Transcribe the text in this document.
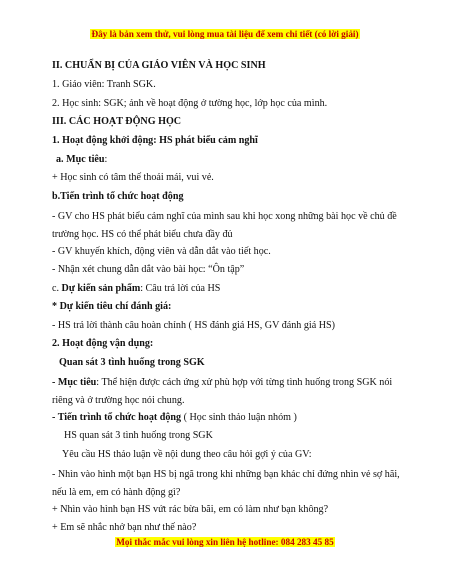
Đây là bản xem thử, vui lòng mua tài liệu để xem chi tiết (có lời giải)
II. CHUẨN BỊ CỦA GIÁO VIÊN VÀ HỌC SINH
1. Giáo viên: Tranh SGK.
2. Học sinh: SGK; ảnh về hoạt động ở tường học, lớp học của mình.
III. CÁC HOẠT ĐỘNG HỌC
1. Hoạt động khởi động: HS phát biểu cảm nghĩ
a. Mục tiêu:
+ Học sinh có tâm thế thoải mái, vui vẻ.
b.Tiến trình tổ chức hoạt động
- GV cho HS phát biểu cảm nghĩ của mình sau khi học xong những bài học về chủ đề trường học. HS có thể phát biểu chưa đầy đủ
- GV khuyến khích, động viên và dẫn dắt vào tiết học.
- Nhận xét chung dẫn dắt vào bài học: “Ôn tập”
c. Dự kiến sản phẩm: Câu trả lời của HS
* Dự kiến tiêu chí đánh giá:
- HS trả lời thành câu hoàn chỉnh ( HS đánh giá HS, GV đánh giá HS)
2. Hoạt động vận dụng:
Quan sát 3 tình huống trong SGK
- Mục tiêu: Thể hiện được cách ứng xử phù hợp với từng tình huống trong SGK nói riêng và ở trường học nói chung.
- Tiến trình tổ chức hoạt động ( Học sinh thảo luận nhóm )
HS quan sát 3 tình huống trong SGK
Yêu cầu HS thảo luận về nội dung theo câu hỏi gợi ý của GV:
- Nhìn vào hình một bạn HS bị ngã trong khi những bạn khác chỉ đứng nhìn vẻ sợ hãi, nếu là em, em có hành động gì?
+ Nhìn vào hình bạn HS vứt rác bừa bãi, em có làm như bạn không?
+ Em sẽ nhắc nhở bạn như thế nào?
Mọi thắc mắc vui lòng xin liên hệ hotline: 084 283 45 85
